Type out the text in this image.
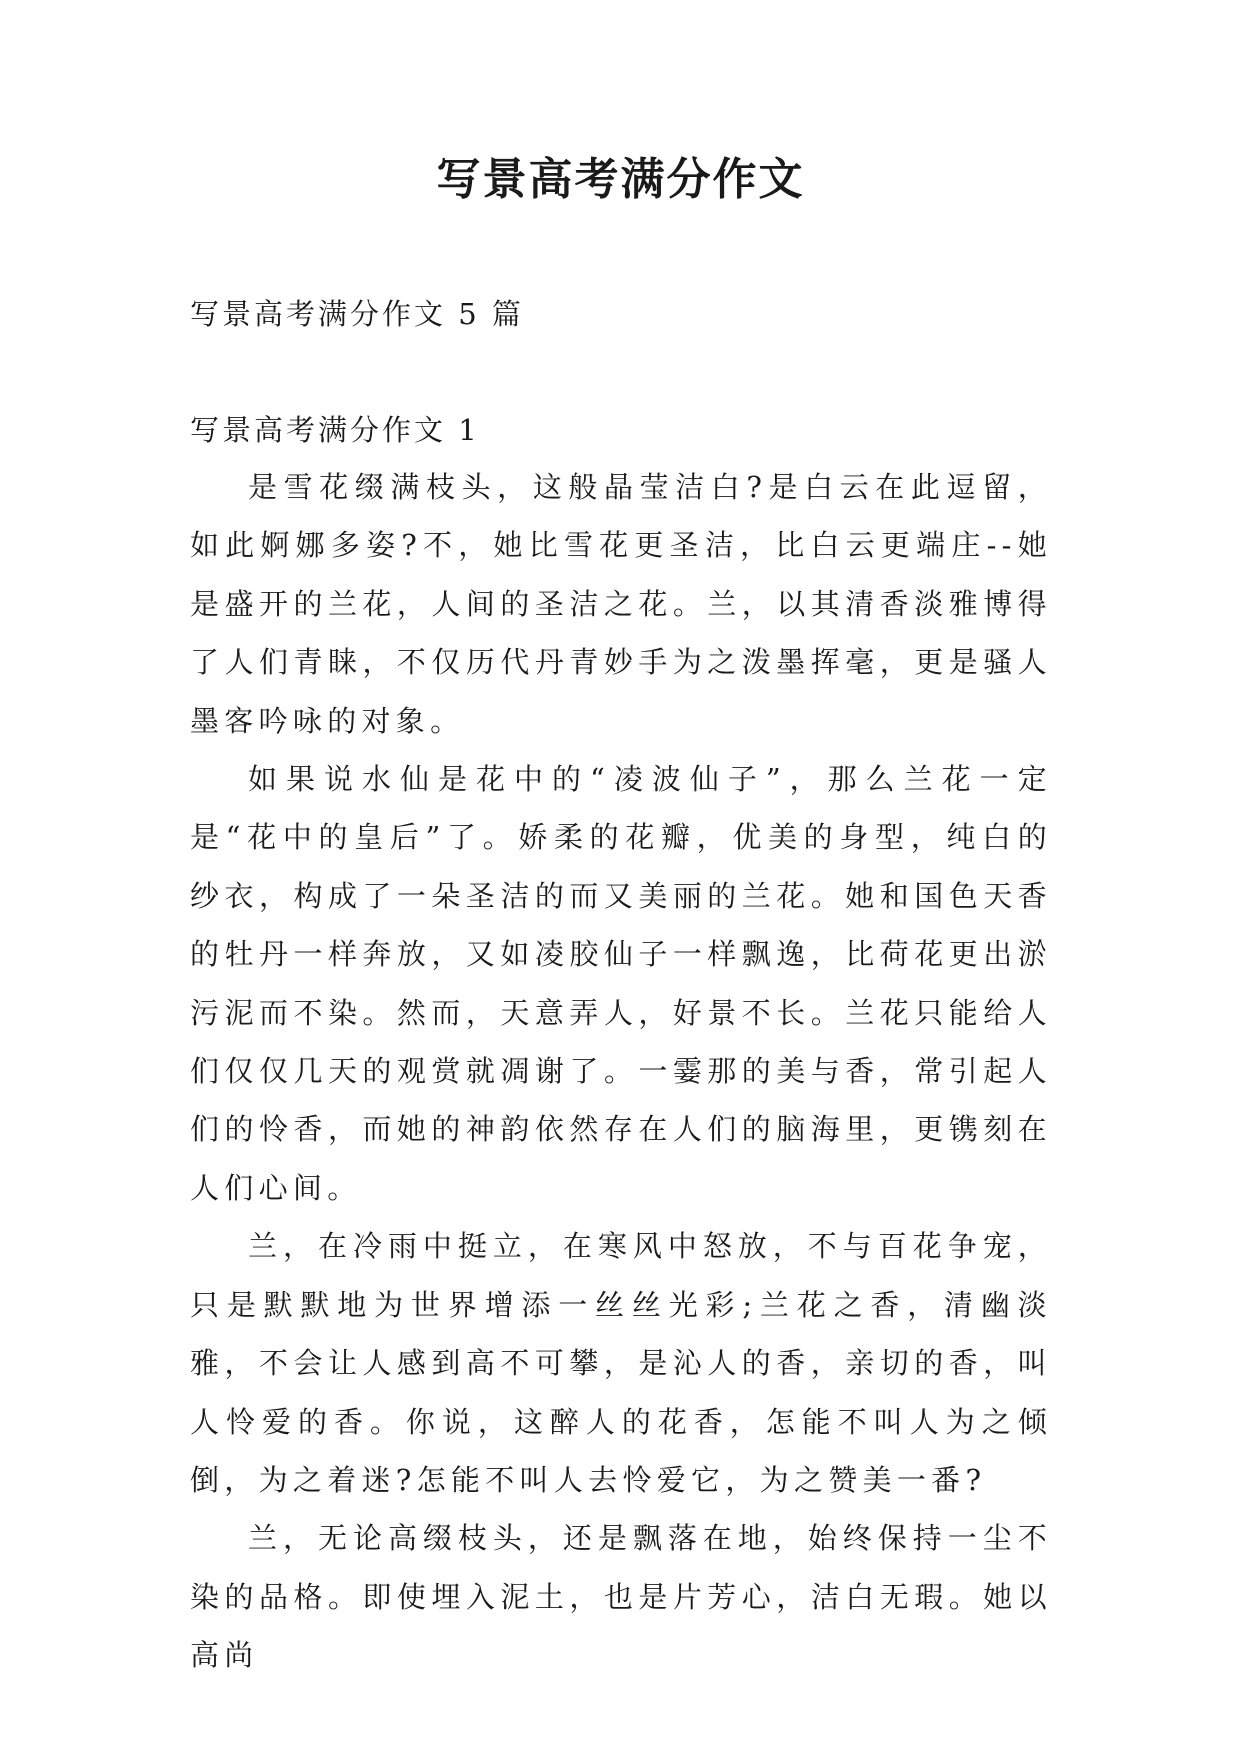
写景高考满分作文
写景高考满分作文 5 篇
写景高考满分作文 1

是雪花缀满枝头，这般晶莹洁白?是白云在此逗留，如此婀娜多姿?不，她比雪花更圣洁，比白云更端庄--她是盛开的兰花，人间的圣洁之花。兰，以其清香淡雅博得了人们青睐，不仅历代丹青妙手为之泼墨挥毫，更是骚人墨客吟咏的对象。

如果说水仙是花中的“凌波仙子”，那么兰花一定是“花中的皇后”了。娇柔的花瓣，优美的身型，纯白的纱衣，构成了一朵圣洁的而又美丽的兰花。她和国色天香的牡丹一样奔放，又如凌胶仙子一样飘逸，比荷花更出淤污泥而不染。然而，天意弄人，好景不长。兰花只能给人们仅仅几天的观赏就凋谢了。一霎那的美与香，常引起人们的怜香，而她的神韵依然存在人们的脑海里，更镌刻在人们心间。

兰，在冷雨中挺立，在寒风中怒放，不与百花争宠，只是默默地为世界增添一丝丝光彩;兰花之香，清幽淡雅，不会让人感到高不可攀，是沁人的香，亲切的香，叫人怜爱的香。你说，这醉人的花香，怎能不叫人为之倾倒，为之着迷?怎能不叫人去怜爱它，为之赞美一番?

兰，无论高缀枝头，还是飘落在地，始终保持一尘不染的品格。即使埋入泥土，也是片芳心，洁白无瑕。她以高尚
